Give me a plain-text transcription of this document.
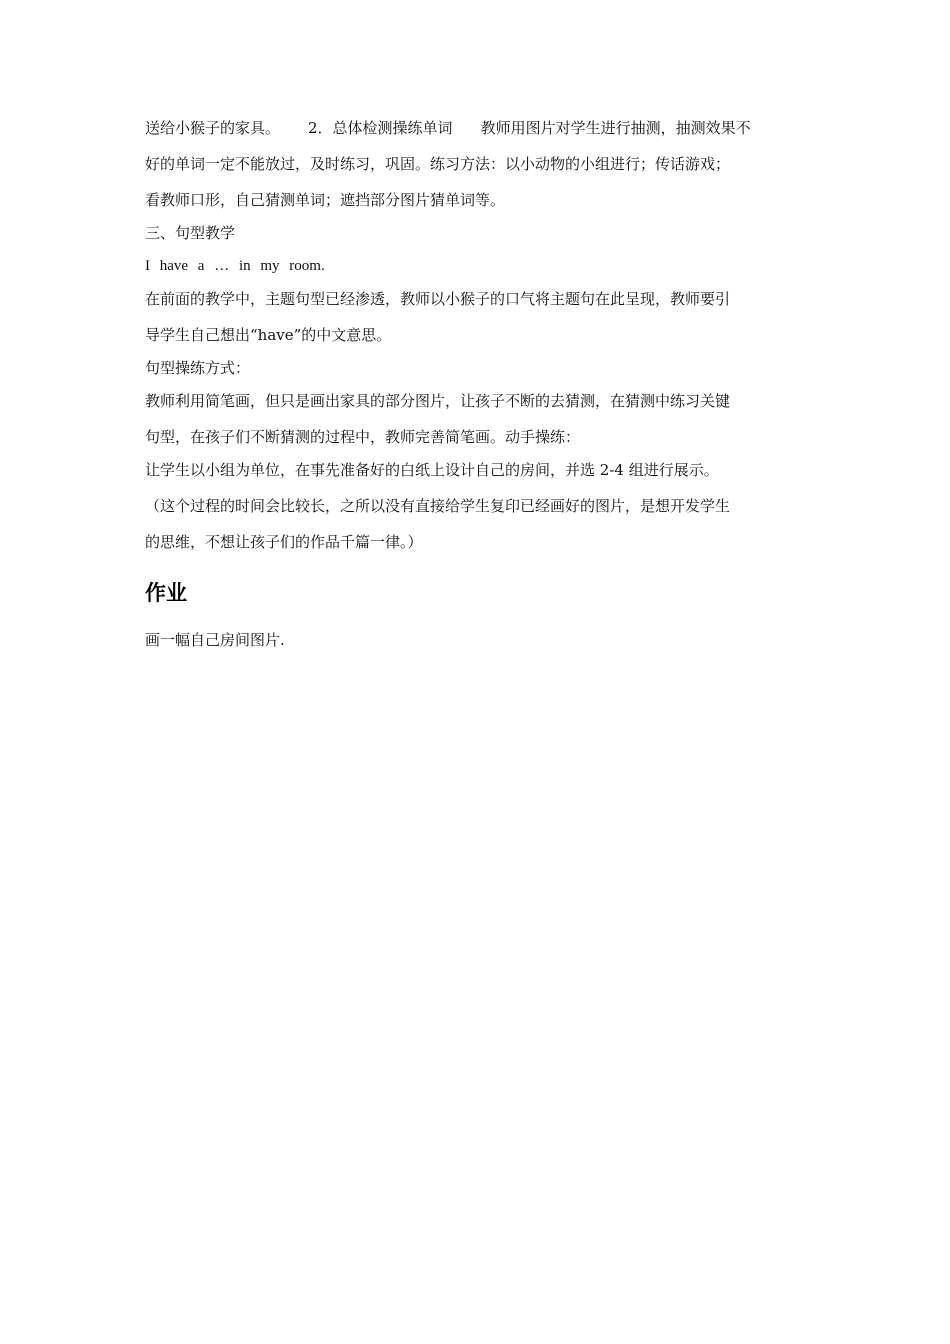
送给小猴子的家具。 2．总体检测操练单词 教师用图片对学生进行抽测，抽测效果不
好的单词一定不能放过，及时练习，巩固。练习方法：以小动物的小组进行；传话游戏；
看教师口形，自己猜测单词；遮挡部分图片猜单词等。
三、句型教学
I have a … in my room.
在前面的教学中，主题句型已经渗透，教师以小猴子的口气将主题句在此呈现，教师要引
导学生自己想出“have”的中文意思。
句型操练方式：
教师利用简笔画，但只是画出家具的部分图片，让孩子不断的去猜测，在猜测中练习关键
句型，在孩子们不断猜测的过程中，教师完善简笔画。动手操练：
让学生以小组为单位，在事先准备好的白纸上设计自己的房间，并选 2-4 组进行展示。
（这个过程的时间会比较长，之所以没有直接给学生复印已经画好的图片，是想开发学生
的思维，不想让孩子们的作品千篇一律。）
作业
画一幅自己房间图片.
